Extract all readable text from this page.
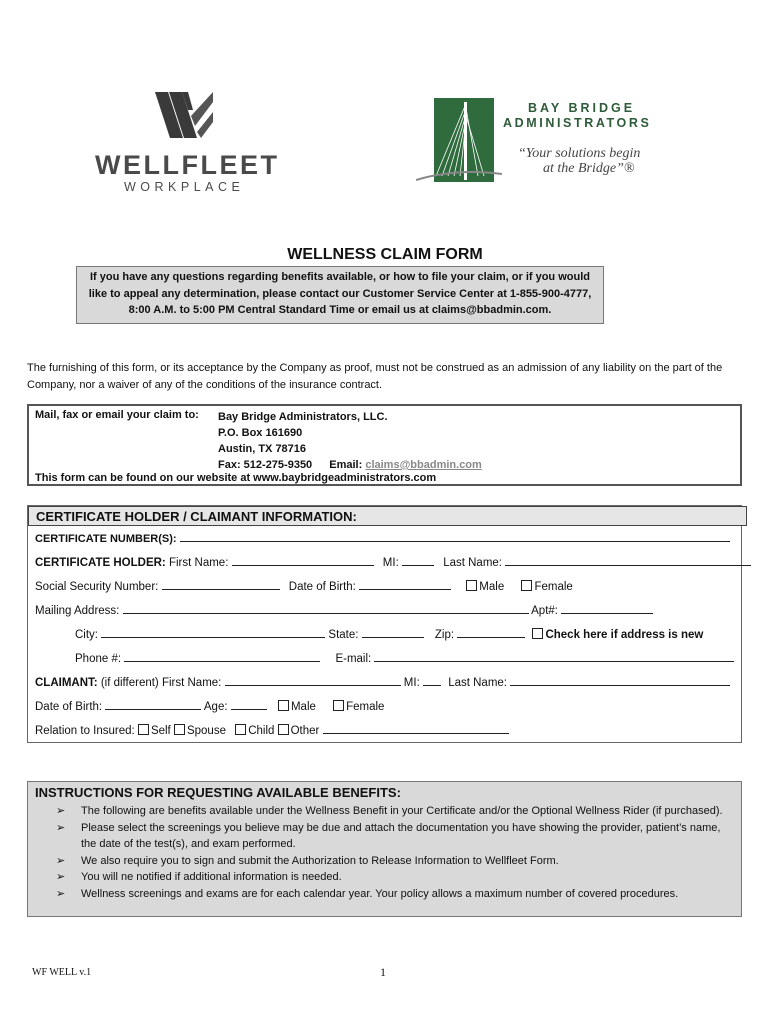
WELLFLEET
WORKPLACE
BAY BRIDGE
ADMINISTRATORS
“Your solutions begin
at the Bridge”®
WELLNESS CLAIM FORM
If you have any questions regarding benefits available, or how to file your claim, or if you would
like to appeal any determination, please contact our Customer Service Center at 1-855-900-4777,
8:00 A.M. to 5:00 PM Central Standard Time or email us at claims@bbadmin.com.
The furnishing of this form, or its acceptance by the Company as proof, must not be construed as an admission of any liability on the part of the Company, nor a waiver of any of the conditions of the insurance contract.
Mail, fax or email your claim to: Bay Bridge Administrators, LLC.
P.O. Box 161690
Austin, TX 78716
Fax: 512-275-9350 Email: claims@bbadmin.com
This form can be found on our website at www.baybridgeadministrators.com
CERTIFICATE HOLDER / CLAIMANT INFORMATION:
CERTIFICATE NUMBER(S):
CERTIFICATE HOLDER: First Name:	MI:	Last Name:
Social Security Number:	Date of Birth:	Male	Female
Mailing Address:	Apt#:
City:	State:	Zip:	Check here if address is new
Phone #:	E-mail:
CLAIMANT: (if different) First Name:	MI: Last Name:
Date of Birth:	Age:	Male	Female
Relation to Insured: Self Spouse Child Other
INSTRUCTIONS FOR REQUESTING AVAILABLE BENEFITS:
➢ The following are benefits available under the Wellness Benefit in your Certificate and/or the Optional Wellness Rider (if purchased).
➢ Please select the screenings you believe may be due and attach the documentation you have showing the provider, patient’s name, the date of the test(s), and exam performed.
➢ We also require you to sign and submit the Authorization to Release Information to Wellfleet Form.
➢ You will ne notified if additional information is needed.
➢ Wellness screenings and exams are for each calendar year. Your policy allows a maximum number of covered procedures.
WF WELL v.1	1
